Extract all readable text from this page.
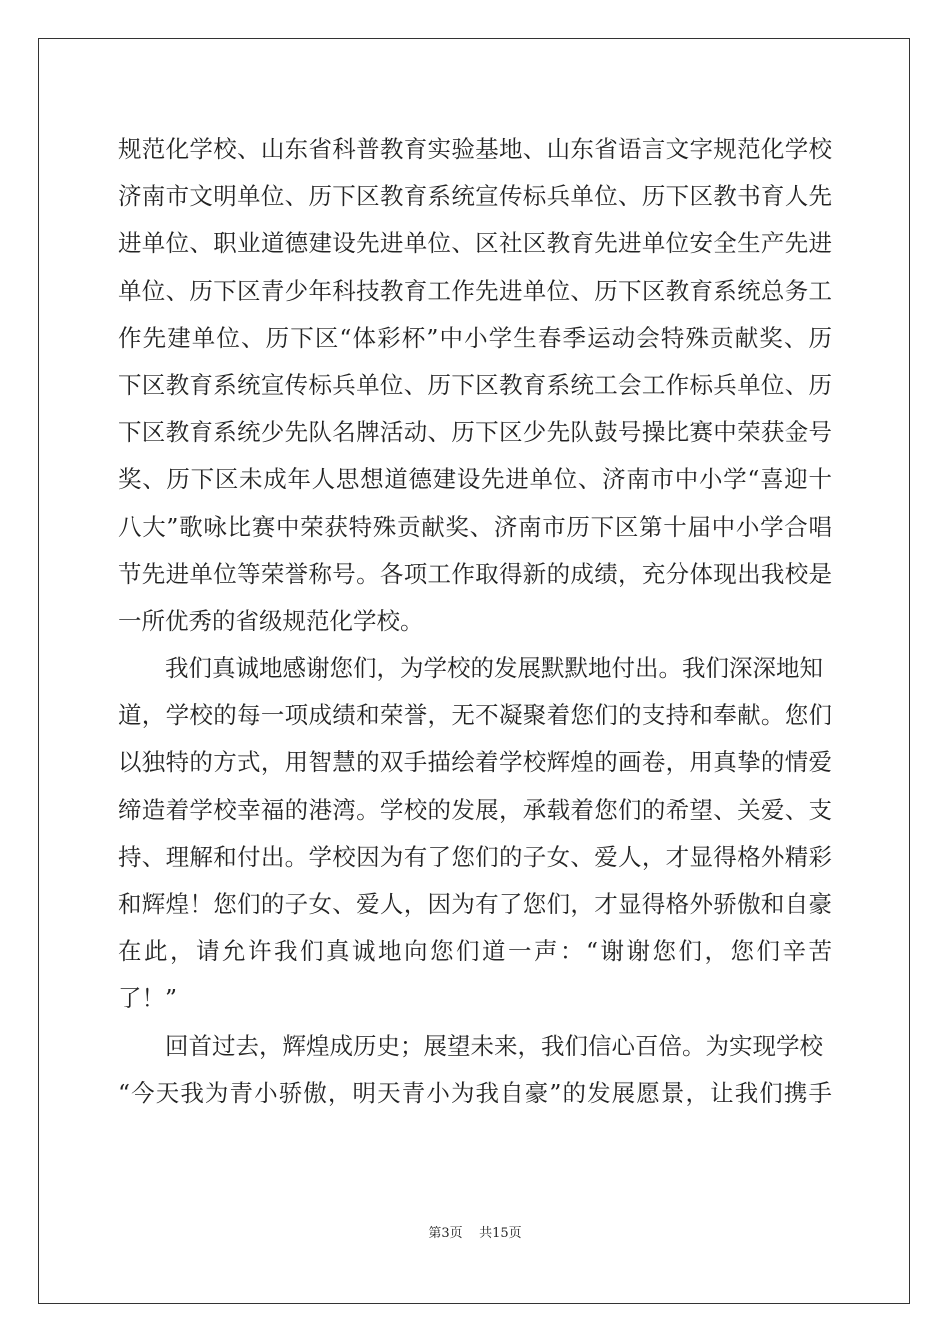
规范化学校、山东省科普教育实验基地、山东省语言文字规范化学校
济南市文明单位、历下区教育系统宣传标兵单位、历下区教书育人先
进单位、职业道德建设先进单位、区社区教育先进单位安全生产先进
单位、历下区青少年科技教育工作先进单位、历下区教育系统总务工
作先建单位、历下区“体彩杯”中小学生春季运动会特殊贡献奖、历
下区教育系统宣传标兵单位、历下区教育系统工会工作标兵单位、历
下区教育系统少先队名牌活动、历下区少先队鼓号操比赛中荣获金号
奖、历下区未成年人思想道德建设先进单位、济南市中小学“喜迎十
八大”歌咏比赛中荣获特殊贡献奖、济南市历下区第十届中小学合唱
节先进单位等荣誉称号。各项工作取得新的成绩，充分体现出我校是
一所优秀的省级规范化学校。
我们真诚地感谢您们，为学校的发展默默地付出。我们深深地知
道，学校的每一项成绩和荣誉，无不凝聚着您们的支持和奉献。您们
以独特的方式，用智慧的双手描绘着学校辉煌的画卷，用真挚的情爱
缔造着学校幸福的港湾。学校的发展，承载着您们的希望、关爱、支
持、理解和付出。学校因为有了您们的子女、爱人，才显得格外精彩
和辉煌！您们的子女、爱人，因为有了您们，才显得格外骄傲和自豪
在此，请允许我们真诚地向您们道一声：“谢谢您们，您们辛苦
了！”
回首过去，辉煌成历史；展望未来，我们信心百倍。为实现学校
“今天我为青小骄傲，明天青小为我自豪”的发展愿景，让我们携手
第3页    共15页
